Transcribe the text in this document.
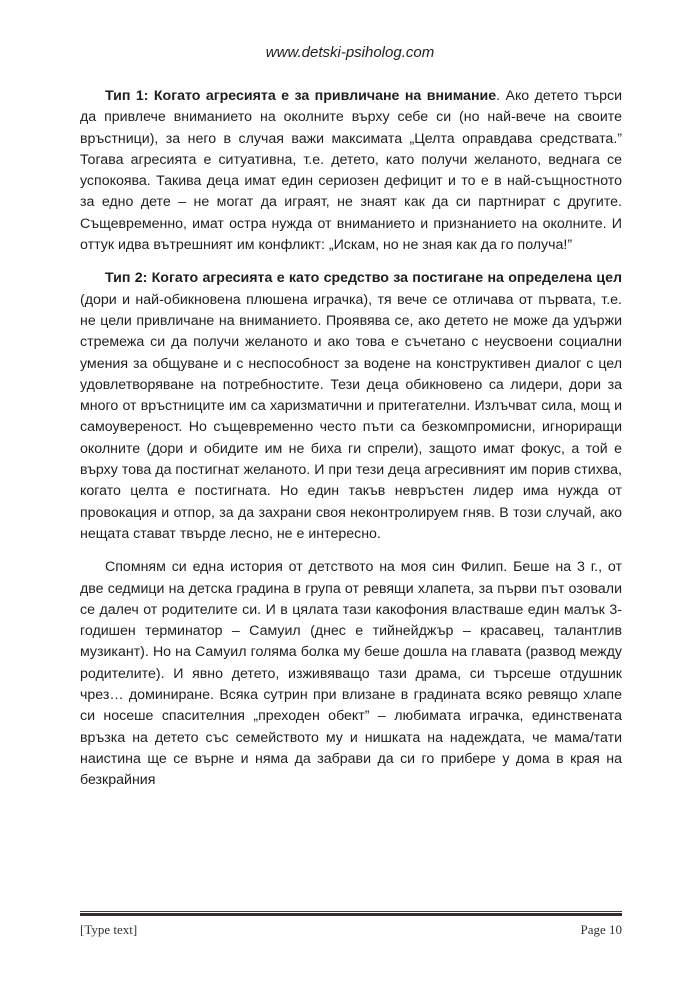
www.detski-psiholog.com

Тип 1: Когато агресията е за привличане на внимание. Ако детето търси да привлече вниманието на околните върху себе си (но най-вече на своите връстници), за него в случая важи максимата „Целта оправдава средствата.” Тогава агресията е ситуативна, т.е. детето, като получи желаното, веднага се успокоява. Такива деца имат един сериозен дефицит и то е в най-същностното за едно дете – не могат да играят, не знаят как да си партнират с другите. Същевременно, имат остра нужда от вниманието и признанието на околните. И оттук идва вътрешният им конфликт: „Искам, но не зная как да го получа!”

Тип 2: Когато агресията е като средство за постигане на определена цел (дори и най-обикновена плюшена играчка), тя вече се отличава от първата, т.е. не цели привличане на вниманието. Проявява се, ако детето не може да удържи стремежа си да получи желаното и ако това е съчетано с неусвоени социални умения за общуване и с неспособност за водене на конструктивен диалог с цел удовлетворяване на потребностите. Тези деца обикновено са лидери, дори за много от връстниците им са харизматични и притегателни. Излъчват сила, мощ и самоувереност. Но същевременно често пъти са безкомпромисни, игнориращи околните (дори и обидите им не биха ги спрели), защото имат фокус, а той е върху това да постигнат желаното. И при тези деца агресивният им порив стихва, когато целта е постигната. Но един такъв невръстен лидер има нужда от провокация и отпор, за да захрани своя неконтролируем гняв. В този случай, ако нещата стават твърде лесно, не е интересно.

Спомням си една история от детството на моя син Филип. Беше на 3 г., от две седмици на детска градина в група от ревящи хлапета, за първи път озовали се далеч от родителите си. И в цялата тази какофония властваше един малък 3-годишен терминатор – Самуил (днес е тийнейджър – красавец, талантлив музикант). Но на Самуил голяма болка му беше дошла на главата (развод между родителите). И явно детето, изживяващо тази драма, си търсеше отдушник чрез… доминиране. Всяка сутрин при влизане в градината всяко ревящо хлапе си носеше спасителния „преходен обект” – любимата играчка, единствената връзка на детето със семейството му и нишката на надеждата, че мама/тати наистина ще се върне и няма да забрави да си го прибере у дома в края на безкрайния

[Type text]	Page 10
